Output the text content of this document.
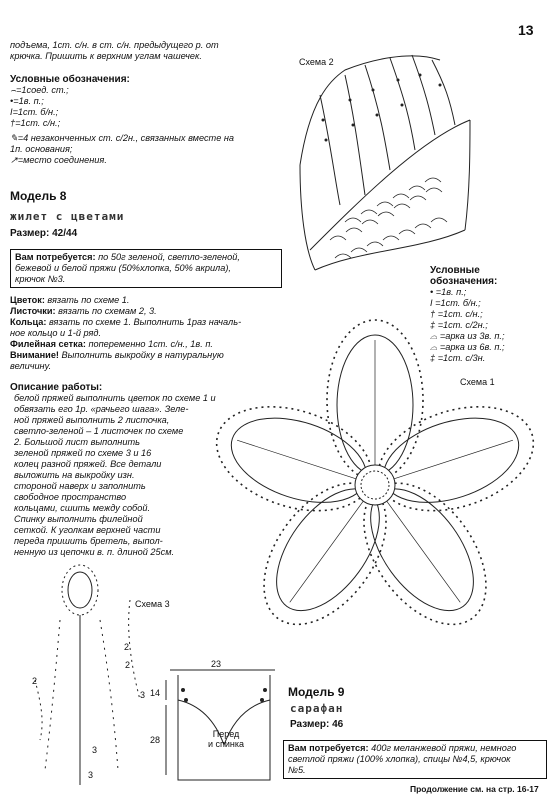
13
подъема, 1ст. с/н. в ст. с/н. предыдущего р. от
крючка. Пришить к верхним углам чашечек.
Условные обозначения:
⌢=1соед. ст.;
•=1в. п.;
I=1ст. б/н.;
†=1ст. с/н.;
✎=4 незаконченных ст. с/2н., связанных вместе на
1п. основания;
↗=место соединения.
Модель 8
жилет с цветами
Размер: 42/44
Вам потребуется: по 50г зеленой, светло-зеленой,
бежевой и белой пряжи (50%хлопка, 50% акрила),
крючок №3.
Цветок: вязать по схеме 1.
Листочки: вязать по схемам 2, 3.
Кольца: вязать по схеме 1. Выполнить 1раз началь-
ное кольцо и 1-й ряд.
Филейная сетка: попеременно 1ст. с/н., 1в. п.
Внимание! Выполнить выкройку в натуральную
величину.
Описание работы:
белой пряжей выполнить цветок по схеме 1 и
обвязать его 1р. «рачьего шага». Зеле-
ной пряжей выполнить 2 листочка,
светло-зеленой – 1 листочек по схеме
2. Большой лист выполнить
зеленой пряжей по схеме 3 и 16
колец разной пряжей. Все детали
выложить на выкройку изн.
стороной наверх и заполнить
свободное пространство
кольцами, сшить между собой.
Спинку выполнить филейной
сеткой. К уголкам верхней части
переда пришить бретель, выпол-
ненную из цепочки в. п. длиной 25см.
Схема 2
Условные
обозначения:
• =1в. п.;
I =1ст. б/н.;
† =1ст. с/н.;
‡ =1ст. с/2н.;
⌓ =арка из 3в. п.;
⌓ =арка из 6в. п.;
‡ =1ст. с/3н.
Схема 1
Схема 3
2
2
3
3
2
3
23
14
28
Перед
и спинка
Модель 9
сарафан
Размер: 46
Вам потребуется: 400г меланжевой пряжи, немного
светлой пряжи (100% хлопка), спицы №4,5, крючок
№5.
Продолжение см. на стр. 16-17
